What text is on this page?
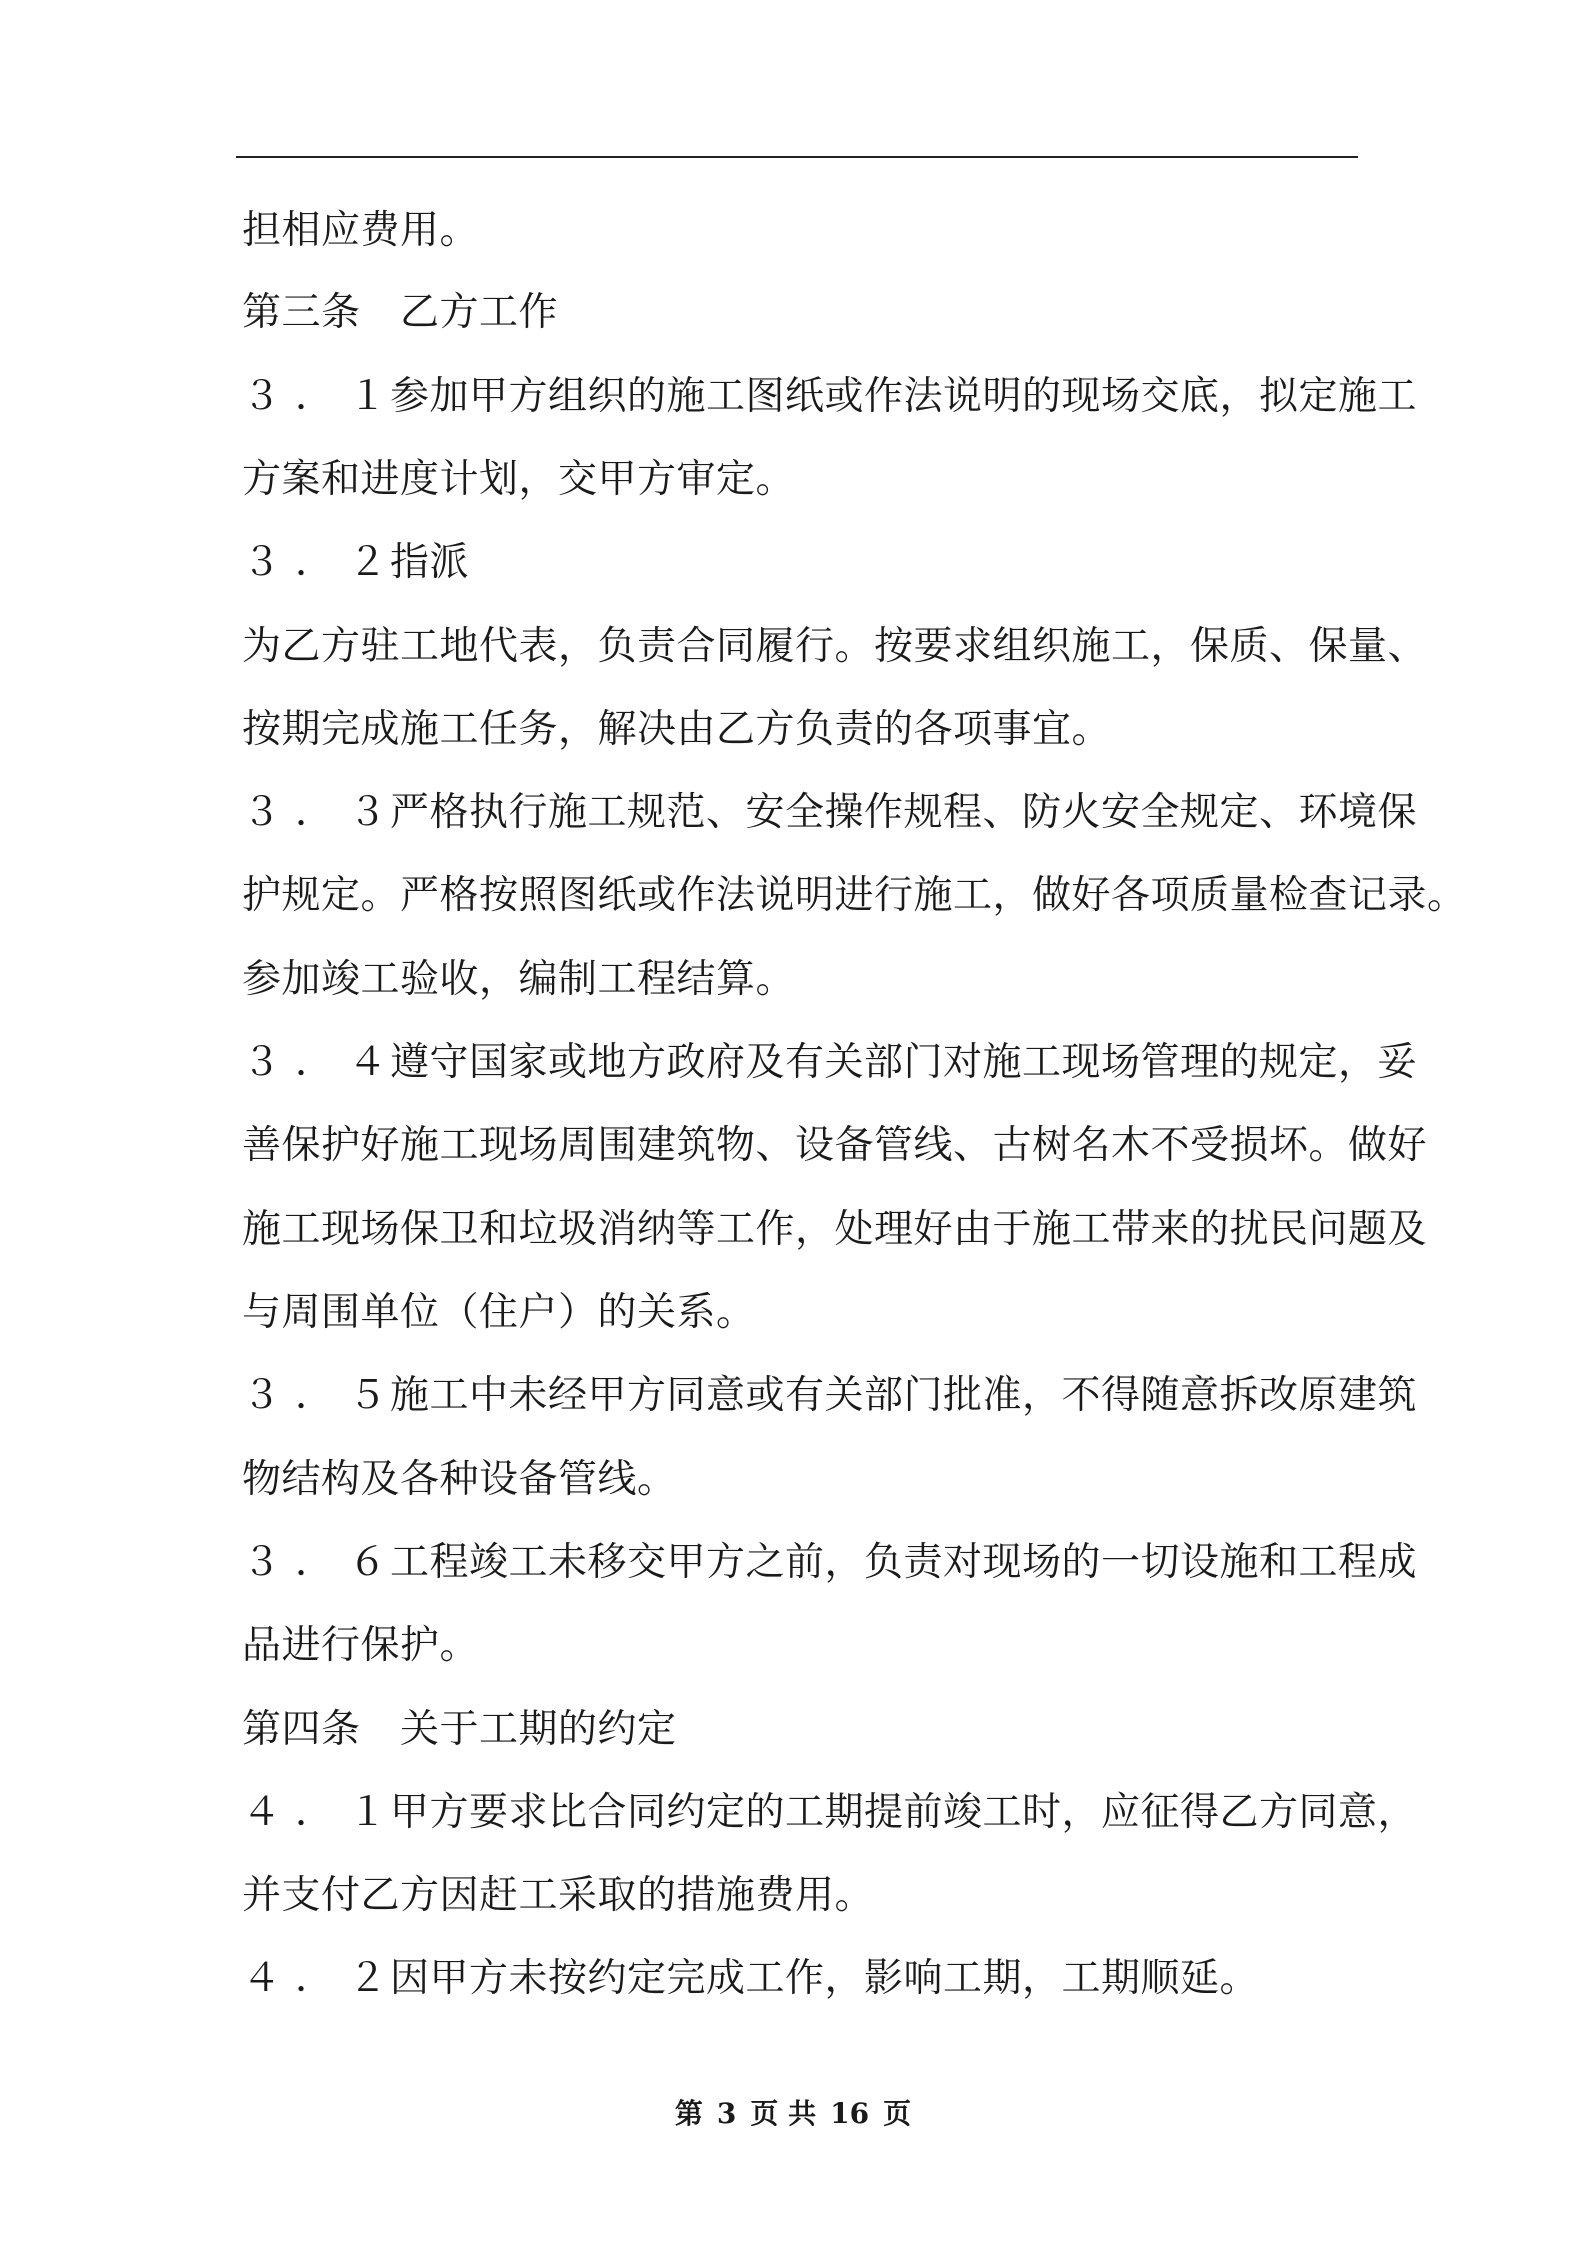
担相应费用。
第三条　乙方工作
３．１参加甲方组织的施工图纸或作法说明的现场交底，拟定施工
方案和进度计划，交甲方审定。
３．２指派
为乙方驻工地代表，负责合同履行。按要求组织施工，保质、保量、
按期完成施工任务，解决由乙方负责的各项事宜。
３．３严格执行施工规范、安全操作规程、防火安全规定、环境保
护规定。严格按照图纸或作法说明进行施工，做好各项质量检查记录。
参加竣工验收，编制工程结算。
３．４遵守国家或地方政府及有关部门对施工现场管理的规定，妥
善保护好施工现场周围建筑物、设备管线、古树名木不受损坏。做好
施工现场保卫和垃圾消纳等工作，处理好由于施工带来的扰民问题及
与周围单位（住户）的关系。
３．５施工中未经甲方同意或有关部门批准，不得随意拆改原建筑
物结构及各种设备管线。
３．６工程竣工未移交甲方之前，负责对现场的一切设施和工程成
品进行保护。
第四条　关于工期的约定
４．１甲方要求比合同约定的工期提前竣工时，应征得乙方同意，
并支付乙方因赶工采取的措施费用。
４．２因甲方未按约定完成工作，影响工期，工期顺延。
第 3 页 共 16 页
